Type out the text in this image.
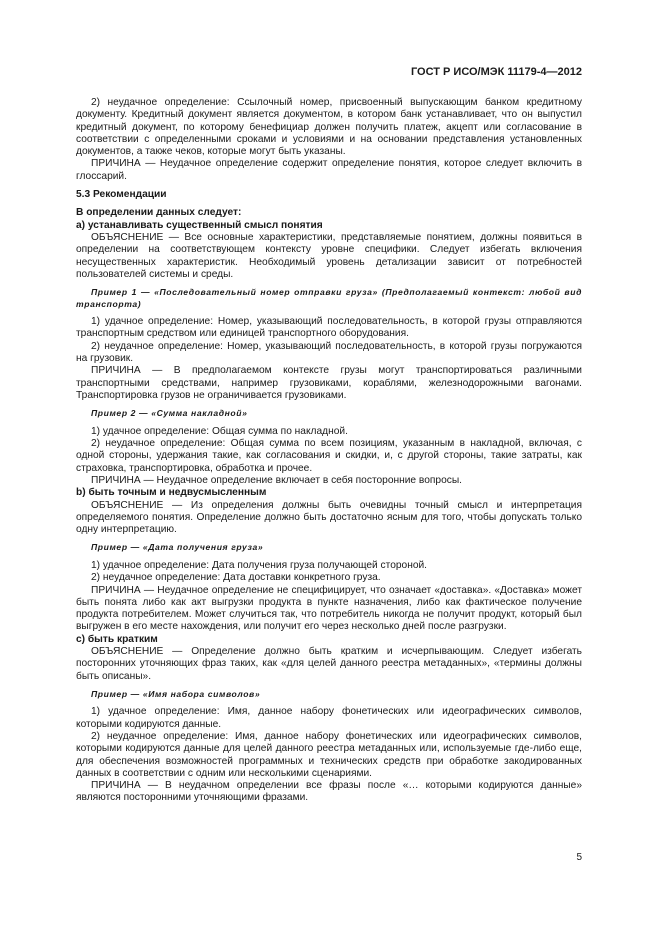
ГОСТ Р ИСО/МЭК 11179-4—2012

2) неудачное определение: Ссылочный номер, присвоенный выпускающим банком кредитному документу. Кредитный документ является документом, в котором банк устанавливает, что он выпустил кредитный документ, по которому бенефициар должен получить платеж, акцепт или согласование в соответствии с определенными сроками и условиями и на основании представления установленных документов, а также чеков, которые могут быть указаны.

ПРИЧИНА — Неудачное определение содержит определение понятия, которое следует включить в глоссарий.

5.3 Рекомендации

В определении данных следует:

а) устанавливать существенный смысл понятия

ОБЪЯСНЕНИЕ — Все основные характеристики, представляемые понятием, должны появиться в определении на соответствующем контексту уровне специфики. Следует избегать включения несущественных характеристик. Необходимый уровень детализации зависит от потребностей пользователей системы и среды.

Пример 1 — «Последовательный номер отправки груза» (Предполагаемый контекст: любой вид транспорта)

1) удачное определение: Номер, указывающий последовательность, в которой грузы отправляются транспортным средством или единицей транспортного оборудования.

2) неудачное определение: Номер, указывающий последовательность, в которой грузы погружаются на грузовик.

ПРИЧИНА — В предполагаемом контексте грузы могут транспортироваться различными транспортными средствами, например грузовиками, кораблями, железнодорожными вагонами. Транспортировка грузов не ограничивается грузовиками.

Пример 2 — «Сумма накладной»

1) удачное определение: Общая сумма по накладной.

2) неудачное определение: Общая сумма по всем позициям, указанным в накладной, включая, с одной стороны, удержания такие, как согласования и скидки, и, с другой стороны, такие затраты, как страховка, транспортировка, обработка и прочее.

ПРИЧИНА — Неудачное определение включает в себя посторонние вопросы.

b) быть точным и недвусмысленным

ОБЪЯСНЕНИЕ — Из определения должны быть очевидны точный смысл и интерпретация определяемого понятия. Определение должно быть достаточно ясным для того, чтобы допускать только одну интерпретацию.

Пример — «Дата получения груза»

1) удачное определение: Дата получения груза получающей стороной.

2) неудачное определение: Дата доставки конкретного груза.

ПРИЧИНА — Неудачное определение не специфицирует, что означает «доставка». «Доставка» может быть понята либо как акт выгрузки продукта в пункте назначения, либо как фактическое получение продукта потребителем. Может случиться так, что потребитель никогда не получит продукт, который был выгружен в его месте нахождения, или получит его через несколько дней после разгрузки.

с) быть кратким

ОБЪЯСНЕНИЕ — Определение должно быть кратким и исчерпывающим. Следует избегать посторонних уточняющих фраз таких, как «для целей данного реестра метаданных», «термины должны быть описаны».

Пример — «Имя набора символов»

1) удачное определение: Имя, данное набору фонетических или идеографических символов, которыми кодируются данные.

2) неудачное определение: Имя, данное набору фонетических или идеографических символов, которыми кодируются данные для целей данного реестра метаданных или, используемые где-либо еще, для обеспечения возможностей программных и технических средств при обработке закодированных данных в соответствии с одним или несколькими сценариями.

ПРИЧИНА — В неудачном определении все фразы после «… которыми кодируются данные» являются посторонними уточняющими фразами.

5
